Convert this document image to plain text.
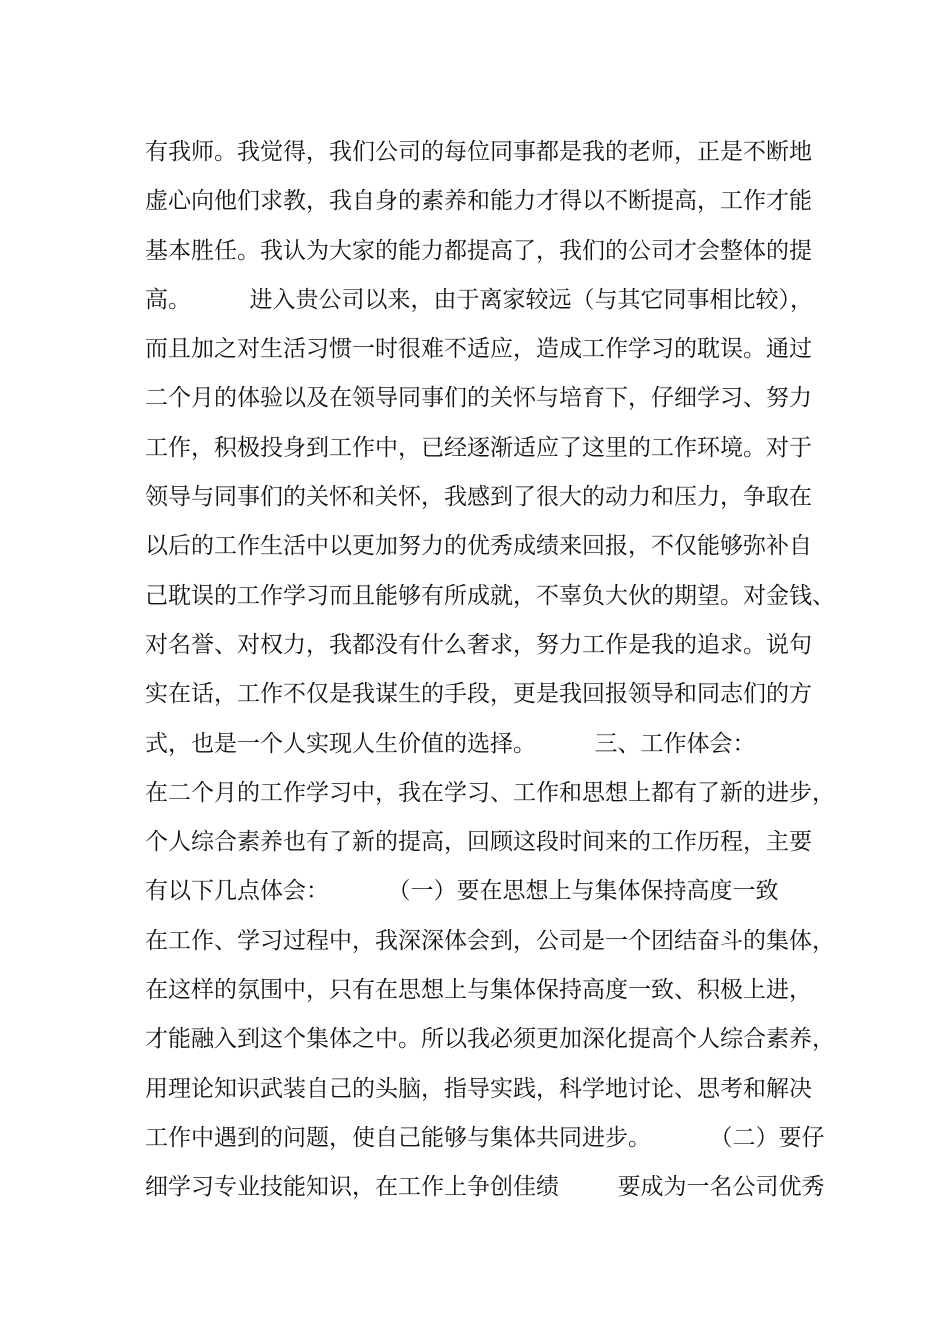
有我师。我觉得，我们公司的每位同事都是我的老师，正是不断地
虚心向他们求教，我自身的素养和能力才得以不断提高，工作才能
基本胜任。我认为大家的能力都提高了，我们的公司才会整体的提
高。        进入贵公司以来，由于离家较远（与其它同事相比较），
而且加之对生活习惯一时很难不适应，造成工作学习的耽误。通过
二个月的体验以及在领导同事们的关怀与培育下，仔细学习、努力
工作，积极投身到工作中，已经逐渐适应了这里的工作环境。对于
领导与同事们的关怀和关怀，我感到了很大的动力和压力，争取在
以后的工作生活中以更加努力的优秀成绩来回报，不仅能够弥补自
己耽误的工作学习而且能够有所成就，不辜负大伙的期望。对金钱、
对名誉、对权力，我都没有什么奢求，努力工作是我的追求。说句
实在话，工作不仅是我谋生的手段，更是我回报领导和同志们的方
式，也是一个人实现人生价值的选择。        三、工作体会：
在二个月的工作学习中，我在学习、工作和思想上都有了新的进步，
个人综合素养也有了新的提高，回顾这段时间来的工作历程，主要
有以下几点体会：        （一）要在思想上与集体保持高度一致
在工作、学习过程中，我深深体会到，公司是一个团结奋斗的集体，
在这样的氛围中，只有在思想上与集体保持高度一致、积极上进，
才能融入到这个集体之中。所以我必须更加深化提高个人综合素养，
用理论知识武装自己的头脑，指导实践，科学地讨论、思考和解决
工作中遇到的问题，使自己能够与集体共同进步。        （二）要仔
细学习专业技能知识，在工作上争创佳绩        要成为一名公司优秀
